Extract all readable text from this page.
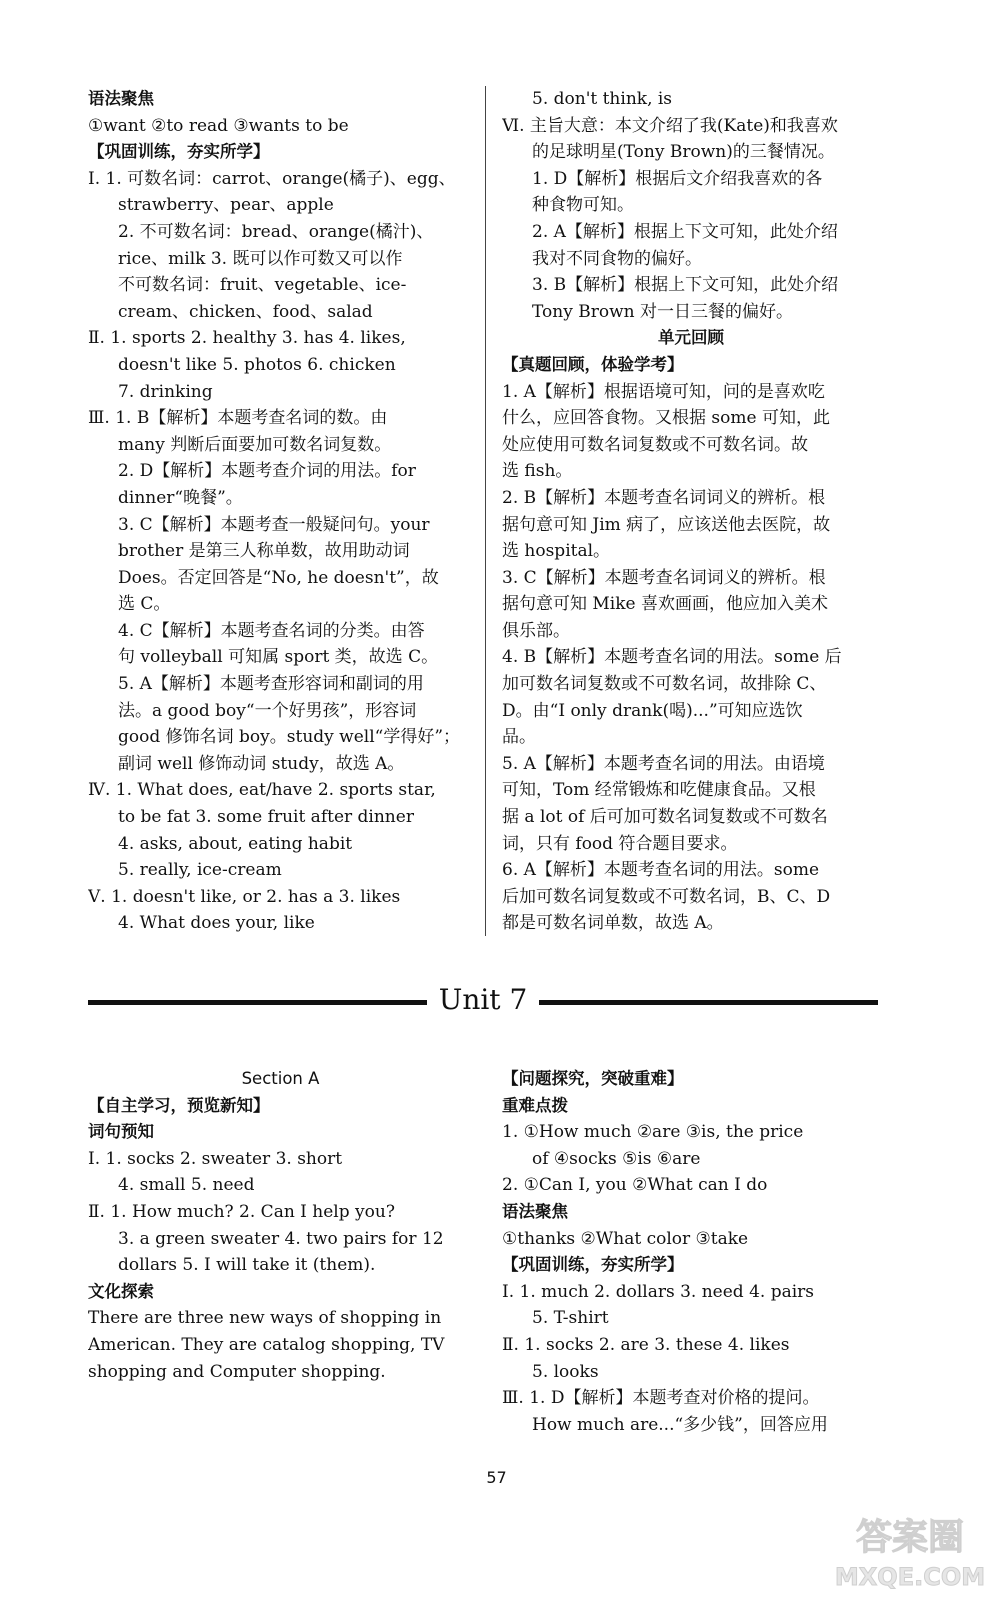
语法聚焦
①want ②to read ③wants to be
【巩固训练，夯实所学】
Ⅰ. 1. 可数名词：carrot、orange(橘子)、egg、
strawberry、pear、apple
2. 不可数名词：bread、orange(橘汁)、
rice、milk 3. 既可以作可数又可以作
不可数名词：fruit、vegetable、ice-
cream、chicken、food、salad
Ⅱ. 1. sports 2. healthy 3. has 4. likes,
doesn't like 5. photos 6. chicken
7. drinking
Ⅲ. 1. B【解析】本题考查名词的数。由
many 判断后面要加可数名词复数。
2. D【解析】本题考查介词的用法。for
dinner“晚餐”。
3. C【解析】本题考查一般疑问句。your
brother 是第三人称单数，故用助动词
Does。否定回答是“No, he doesn't”，故
选 C。
4. C【解析】本题考查名词的分类。由答
句 volleyball 可知属 sport 类，故选 C。
5. A【解析】本题考查形容词和副词的用
法。a good boy“一个好男孩”，形容词
good 修饰名词 boy。study well“学得好”；
副词 well 修饰动词 study，故选 A。
Ⅳ. 1. What does, eat/have 2. sports star,
to be fat 3. some fruit after dinner
4. asks, about, eating habit
5. really, ice-cream
Ⅴ. 1. doesn't like, or 2. has a 3. likes
4. What does your, like
5. don't think, is
Ⅵ. 主旨大意：本文介绍了我(Kate)和我喜欢
的足球明星(Tony Brown)的三餐情况。
1. D【解析】根据后文介绍我喜欢的各
种食物可知。
2. A【解析】根据上下文可知，此处介绍
我对不同食物的偏好。
3. B【解析】根据上下文可知，此处介绍
Tony Brown 对一日三餐的偏好。
单元回顾
【真题回顾，体验学考】
1. A【解析】根据语境可知，问的是喜欢吃
什么，应回答食物。又根据 some 可知，此
处应使用可数名词复数或不可数名词。故
选 fish。
2. B【解析】本题考查名词词义的辨析。根
据句意可知 Jim 病了，应该送他去医院，故
选 hospital。
3. C【解析】本题考查名词词义的辨析。根
据句意可知 Mike 喜欢画画，他应加入美术
俱乐部。
4. B【解析】本题考查名词的用法。some 后
加可数名词复数或不可数名词，故排除 C、
D。由“I only drank(喝)...”可知应选饮
品。
5. A【解析】本题考查名词的用法。由语境
可知，Tom 经常锻炼和吃健康食品。又根
据 a lot of 后可加可数名词复数或不可数名
词，只有 food 符合题目要求。
6. A【解析】本题考查名词的用法。some
后加可数名词复数或不可数名词，B、C、D
都是可数名词单数，故选 A。
Unit 7
Section A
【自主学习，预览新知】
词句预知
Ⅰ. 1. socks 2. sweater 3. short
4. small 5. need
Ⅱ. 1. How much? 2. Can I help you?
3. a green sweater 4. two pairs for 12
dollars 5. I will take it (them).
文化探索
There are three new ways of shopping in
American. They are catalog shopping, TV
shopping and Computer shopping.
【问题探究，突破重难】
重难点拨
1. ①How much ②are ③is, the price
of ④socks ⑤is ⑥are
2. ①Can I, you ②What can I do
语法聚焦
①thanks ②What color ③take
【巩固训练，夯实所学】
Ⅰ. 1. much 2. dollars 3. need 4. pairs
5. T-shirt
Ⅱ. 1. socks 2. are 3. these 4. likes
5. looks
Ⅲ. 1. D【解析】本题考查对价格的提问。
How much are...“多少钱”，回答应用
57
答案圈
MXQE.COM
